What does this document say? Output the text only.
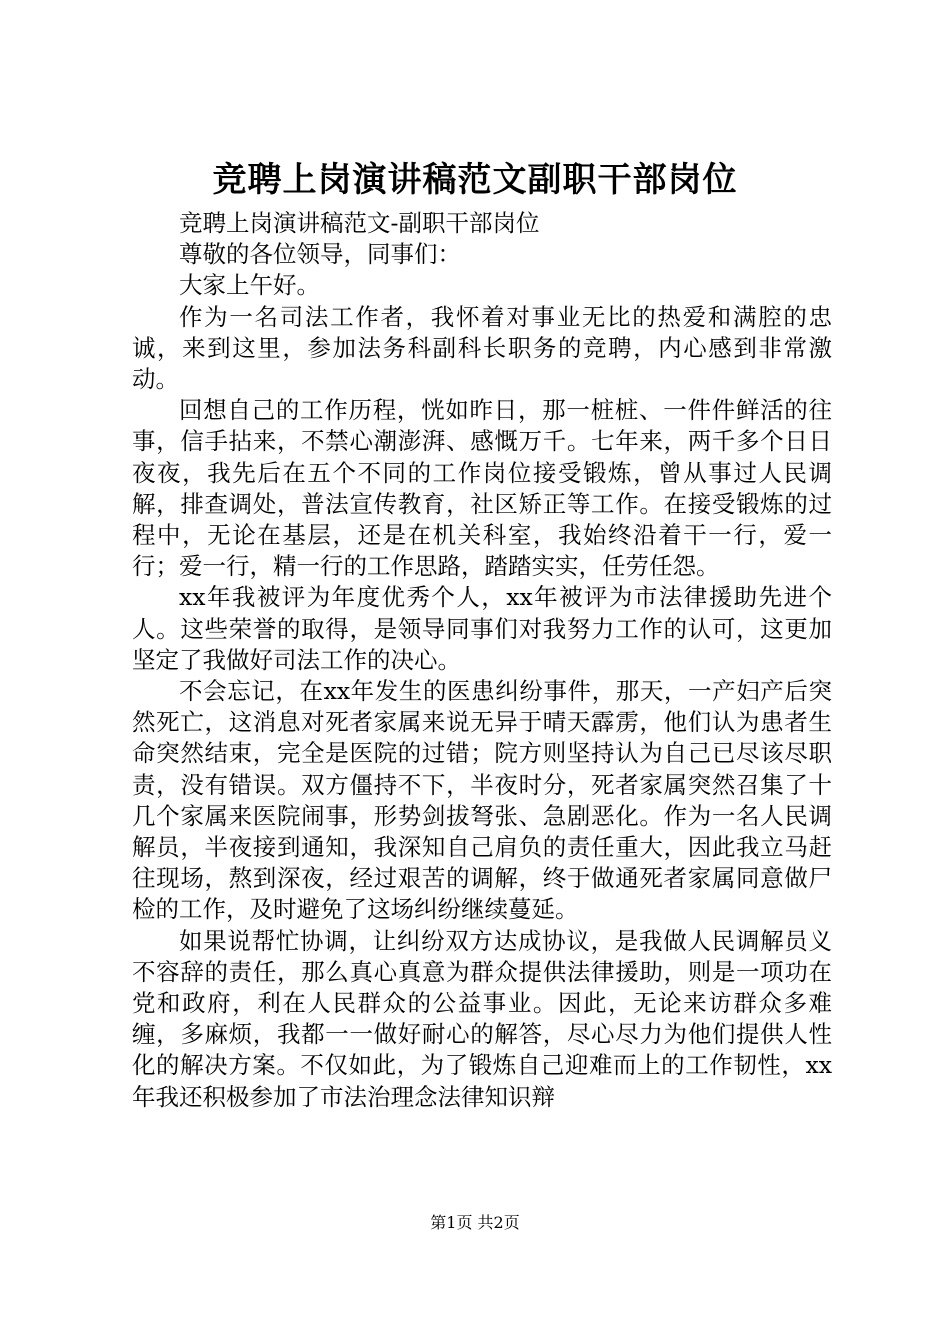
竞聘上岗演讲稿范文副职干部岗位

竞聘上岗演讲稿范文-副职干部岗位

尊敬的各位领导，同事们：

大家上午好。

作为一名司法工作者，我怀着对事业无比的热爱和满腔的忠诚，来到这里，参加法务科副科长职务的竞聘，内心感到非常激动。

回想自己的工作历程，恍如昨日，那一桩桩、一件件鲜活的往事，信手拈来，不禁心潮澎湃、感慨万千。七年来，两千多个日日夜夜，我先后在五个不同的工作岗位接受锻炼，曾从事过人民调解，排查调处，普法宣传教育，社区矫正等工作。在接受锻炼的过程中，无论在基层，还是在机关科室，我始终沿着干一行，爱一行；爱一行，精一行的工作思路，踏踏实实，任劳任怨。

xx年我被评为年度优秀个人，xx年被评为市法律援助先进个人。这些荣誉的取得，是领导同事们对我努力工作的认可，这更加坚定了我做好司法工作的决心。

不会忘记，在xx年发生的医患纠纷事件，那天，一产妇产后突然死亡，这消息对死者家属来说无异于晴天霹雳，他们认为患者生命突然结束，完全是医院的过错；院方则坚持认为自己已尽该尽职责，没有错误。双方僵持不下，半夜时分，死者家属突然召集了十几个家属来医院闹事，形势剑拔弩张、急剧恶化。作为一名人民调解员，半夜接到通知，我深知自己肩负的责任重大，因此我立马赶往现场，熬到深夜，经过艰苦的调解，终于做通死者家属同意做尸检的工作，及时避免了这场纠纷继续蔓延。

如果说帮忙协调，让纠纷双方达成协议，是我做人民调解员义不容辞的责任，那么真心真意为群众提供法律援助，则是一项功在党和政府，利在人民群众的公益事业。因此，无论来访群众多难缠，多麻烦，我都一一做好耐心的解答，尽心尽力为他们提供人性化的解决方案。不仅如此，为了锻炼自己迎难而上的工作韧性，xx年我还积极参加了市法治理念法律知识辩

第1页 共2页
